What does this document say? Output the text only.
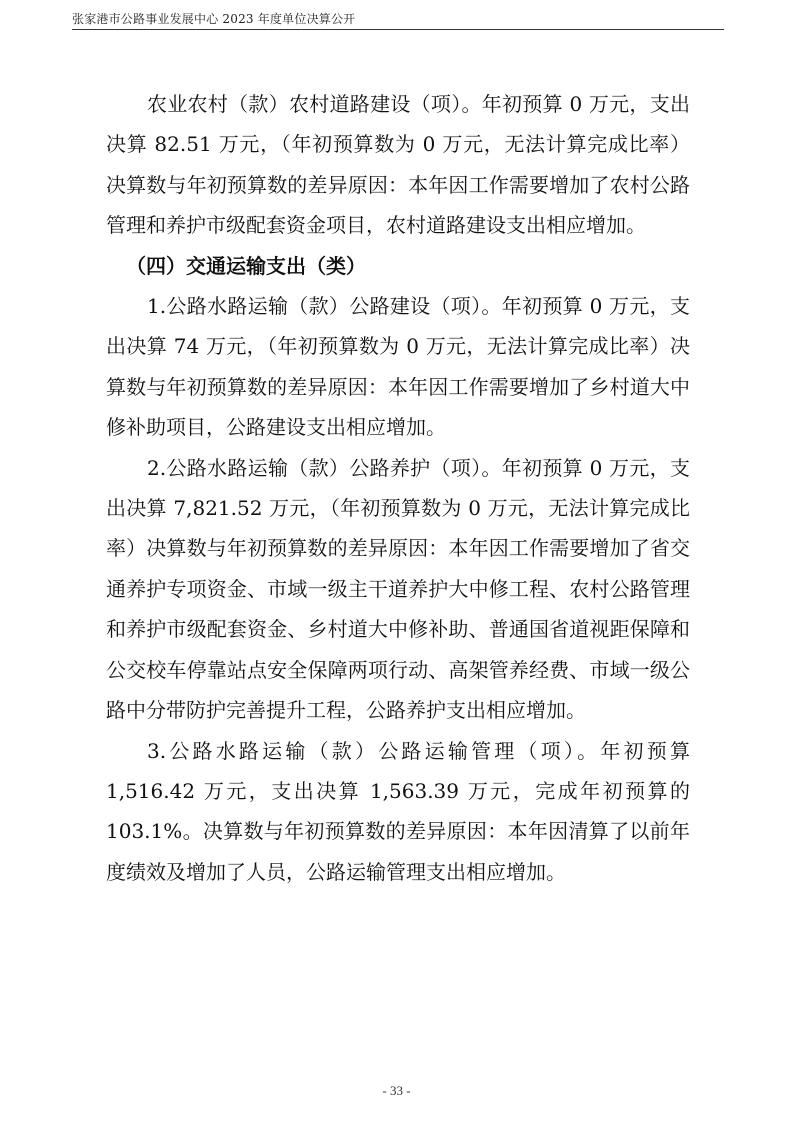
张家港市公路事业发展中心 2023 年度单位决算公开

农业农村（款）农村道路建设（项）。年初预算 0 万元，支出决算 82.51 万元，（年初预算数为 0 万元，无法计算完成比率）决算数与年初预算数的差异原因：本年因工作需要增加了农村公路管理和养护市级配套资金项目，农村道路建设支出相应增加。

（四）交通运输支出（类）

1.公路水路运输（款）公路建设（项）。年初预算 0 万元，支出决算 74 万元，（年初预算数为 0 万元，无法计算完成比率）决算数与年初预算数的差异原因：本年因工作需要增加了乡村道大中修补助项目，公路建设支出相应增加。

2.公路水路运输（款）公路养护（项）。年初预算 0 万元，支出决算 7,821.52 万元，（年初预算数为 0 万元，无法计算完成比率）决算数与年初预算数的差异原因：本年因工作需要增加了省交通养护专项资金、市域一级主干道养护大中修工程、农村公路管理和养护市级配套资金、乡村道大中修补助、普通国省道视距保障和公交校车停靠站点安全保障两项行动、高架管养经费、市域一级公路中分带防护完善提升工程，公路养护支出相应增加。

3.公路水路运输（款）公路运输管理（项）。年初预算 1,516.42 万元，支出决算 1,563.39 万元，完成年初预算的 103.1%。决算数与年初预算数的差异原因：本年因清算了以前年度绩效及增加了人员，公路运输管理支出相应增加。

- 33 -
